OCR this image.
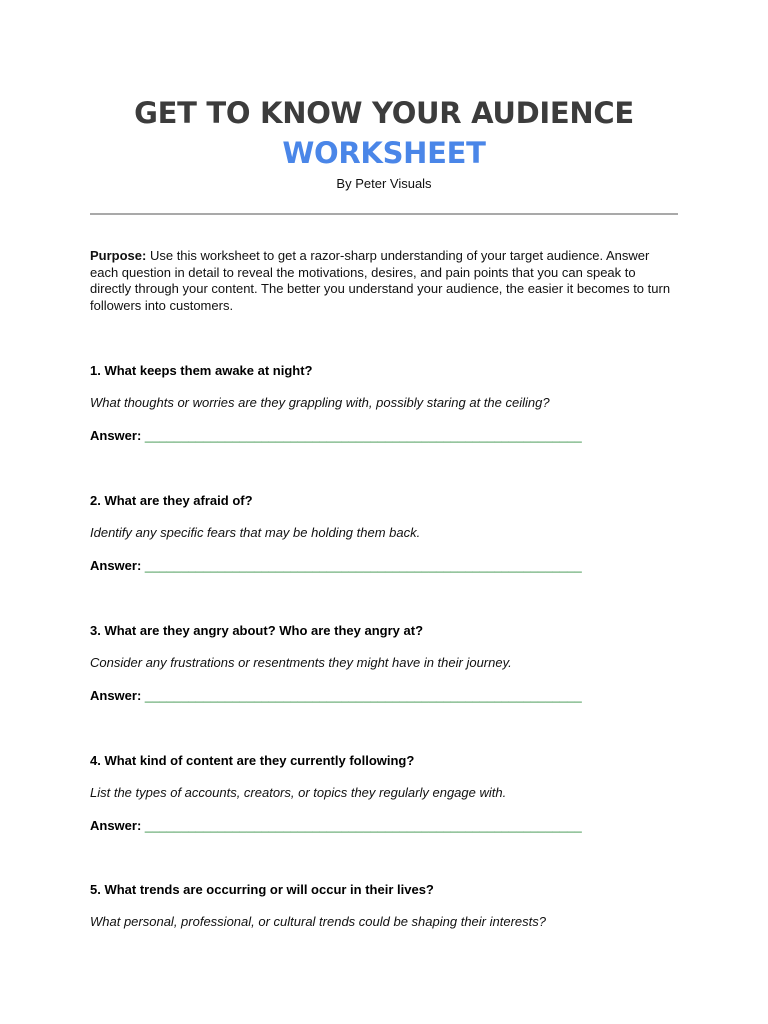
GET TO KNOW YOUR AUDIENCE
WORKSHEET
By Peter Visuals

Purpose: Use this worksheet to get a razor-sharp understanding of your target audience. Answer each question in detail to reveal the motivations, desires, and pain points that you can speak to directly through your content. The better you understand your audience, the easier it becomes to turn followers into customers.

1. What keeps them awake at night?

What thoughts or worries are they grappling with, possibly staring at the ceiling?

Answer: ____________________________________________________________

2. What are they afraid of?

Identify any specific fears that may be holding them back.

Answer: ____________________________________________________________

3. What are they angry about? Who are they angry at?

Consider any frustrations or resentments they might have in their journey.

Answer: ____________________________________________________________

4. What kind of content are they currently following?

List the types of accounts, creators, or topics they regularly engage with.

Answer: ____________________________________________________________

5. What trends are occurring or will occur in their lives?

What personal, professional, or cultural trends could be shaping their interests?
